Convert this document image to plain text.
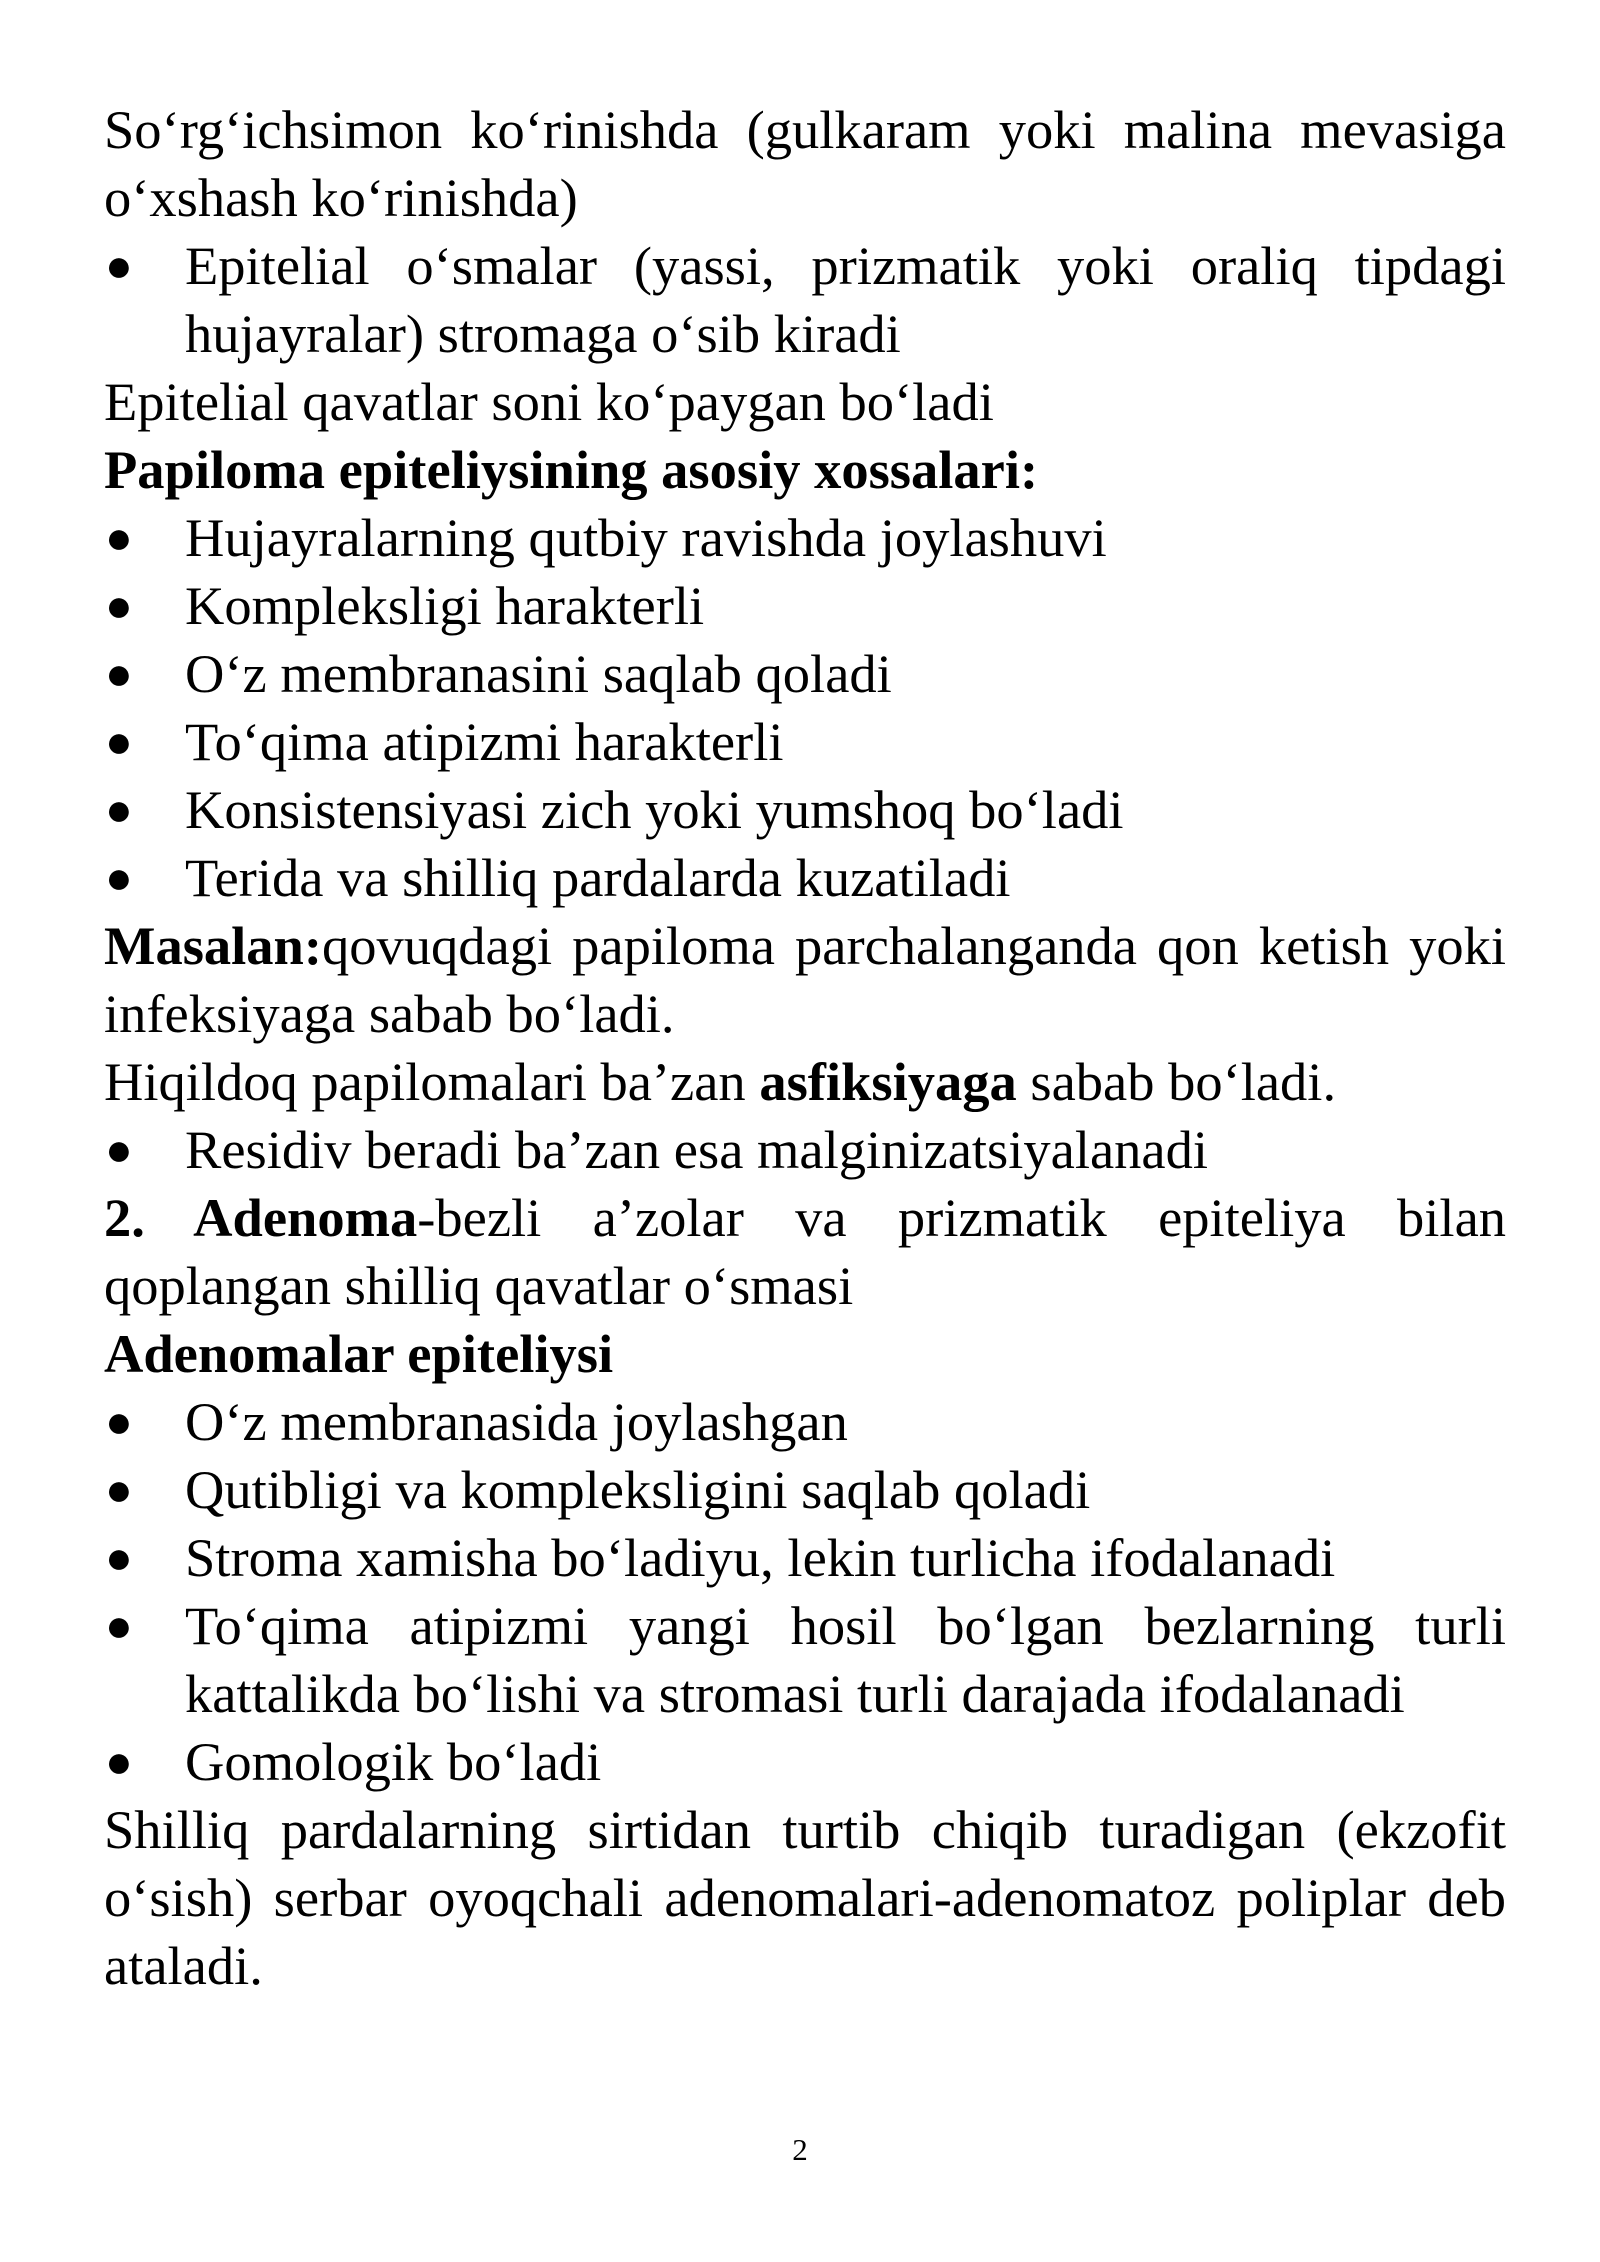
So‘rg‘ichsimon ko‘rinishda (gulkaram yoki malina mevasiga o‘xshash ko‘rinishda)

● Epitelial o‘smalar (yassi, prizmatik yoki oraliq tipdagi hujayralar) stromaga o‘sib kiradi

Epitelial qavatlar soni ko‘paygan bo‘ladi

Papiloma epiteliysining asosiy xossalari:

● Hujayralarning qutbiy ravishda joylashuvi
● Kompleksligi harakterli
● O‘z membranasini saqlab qoladi
● To‘qima atipizmi harakterli
● Konsistensiyasi zich yoki yumshoq bo‘ladi
● Terida va shilliq pardalarda kuzatiladi

Masalan:qovuqdagi papiloma parchalanganda qon ketish yoki infeksiyaga sabab bo‘ladi.

Hiqildoq papilomalari ba’zan asfiksiyaga sabab bo‘ladi.

● Residiv beradi ba’zan esa malginizatsiyalanadi

2. Adenoma-bezli a’zolar va prizmatik epiteliya bilan qoplangan shilliq qavatlar o‘smasi

Adenomalar epiteliysi

● O‘z membranasida joylashgan
● Qutibligi va kompleksligini saqlab qoladi
● Stroma xamisha bo‘ladiyu, lekin turlicha ifodalanadi
● To‘qima atipizmi yangi hosil bo‘lgan bezlarning turli kattalikda bo‘lishi va stromasi turli darajada ifodalanadi
● Gomologik bo‘ladi

Shilliq pardalarning sirtidan turtib chiqib turadigan (ekzofit o‘sish) serbar oyoqchali adenomalari-adenomatoz poliplar deb ataladi.

2
